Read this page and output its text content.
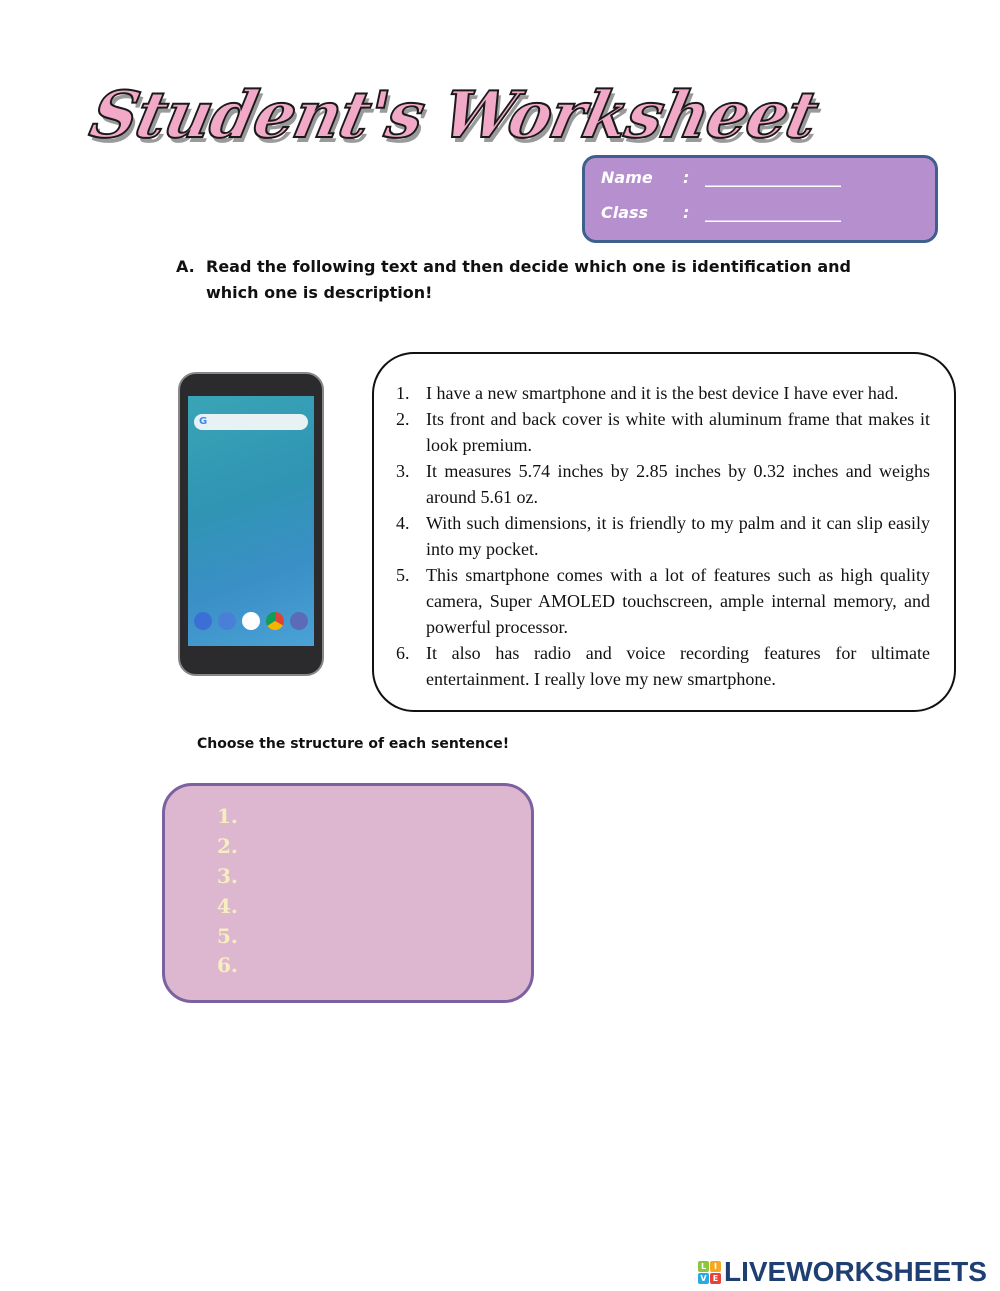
Student's Worksheet
Name	: _________________
Class	: _________________
A. Read the following text and then decide which one is identification and which one is description!
G
1. I have a new smartphone and it is the best device I have ever had.
2. Its front and back cover is white with aluminum frame that makes it look premium.
3. It measures 5.74 inches by 2.85 inches by 0.32 inches and weighs around 5.61 oz.
4. With such dimensions, it is friendly to my palm and it can slip easily into my pocket.
5. This smartphone comes with a lot of features such as high quality camera, Super AMOLED touchscreen, ample internal memory, and powerful processor.
6. It also has radio and voice recording features for ultimate entertainment. I really love my new smartphone.
Choose the structure of each sentence!
1.
2.
3.
4.
5.
6.
L I
V E LIVEWORKSHEETS
